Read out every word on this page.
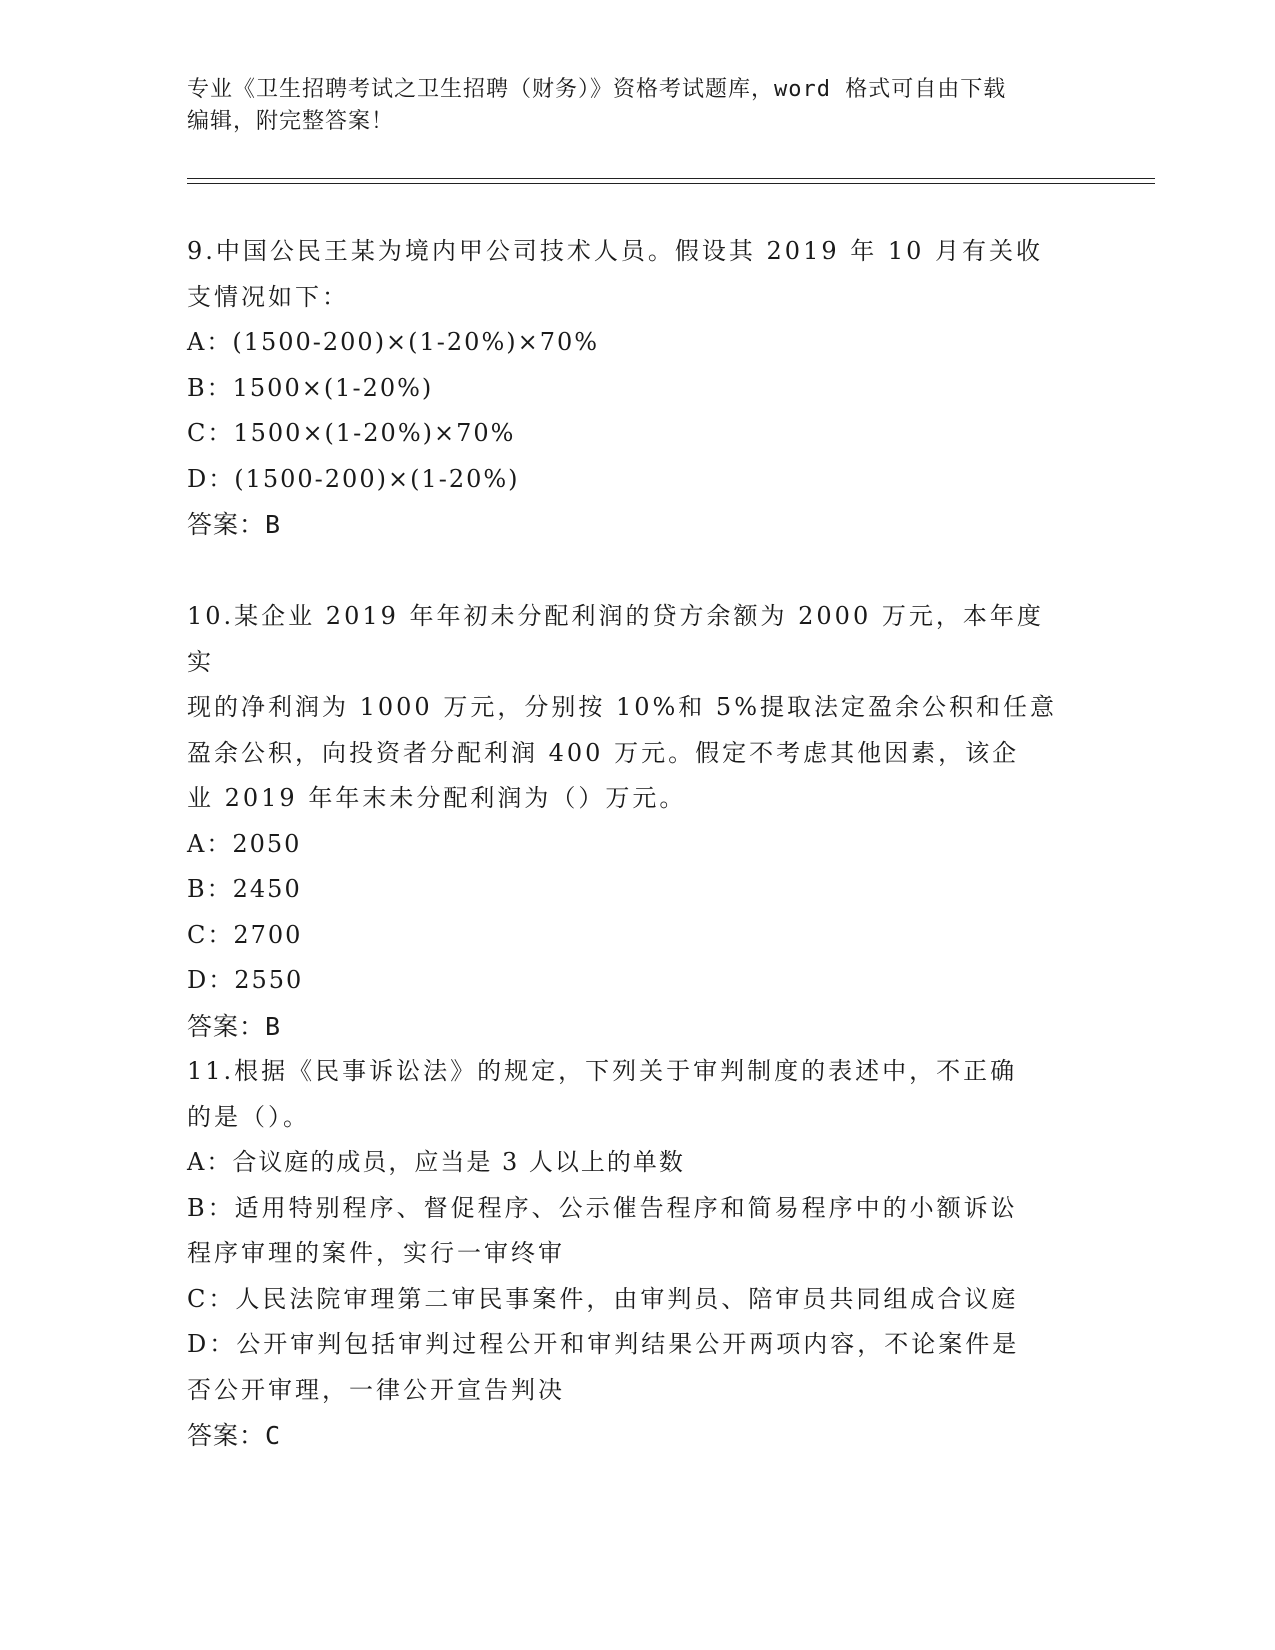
专业《卫生招聘考试之卫生招聘（财务）》资格考试题库，word 格式可自由下载
编辑，附完整答案！

9.中国公民王某为境内甲公司技术人员。假设其 2019 年 10 月有关收

支情况如下：

A：(1500-200)×(1-20%)×70%

B：1500×(1-20%)

C：1500×(1-20%)×70%

D：(1500-200)×(1-20%)

答案：B

10.某企业 2019 年年初未分配利润的贷方余额为 2000 万元，本年度实

现的净利润为 1000 万元，分别按 10%和 5%提取法定盈余公积和任意

盈余公积，向投资者分配利润 400 万元。假定不考虑其他因素，该企

业 2019 年年末未分配利润为（）万元。

A：2050

B：2450

C：2700

D：2550

答案：B

11.根据《民事诉讼法》的规定，下列关于审判制度的表述中，不正确

的是（）。

A：合议庭的成员，应当是 3 人以上的单数

B：适用特别程序、督促程序、公示催告程序和简易程序中的小额诉讼

程序审理的案件，实行一审终审

C：人民法院审理第二审民事案件，由审判员、陪审员共同组成合议庭

D：公开审判包括审判过程公开和审判结果公开两项内容，不论案件是

否公开审理，一律公开宣告判决

答案：C
